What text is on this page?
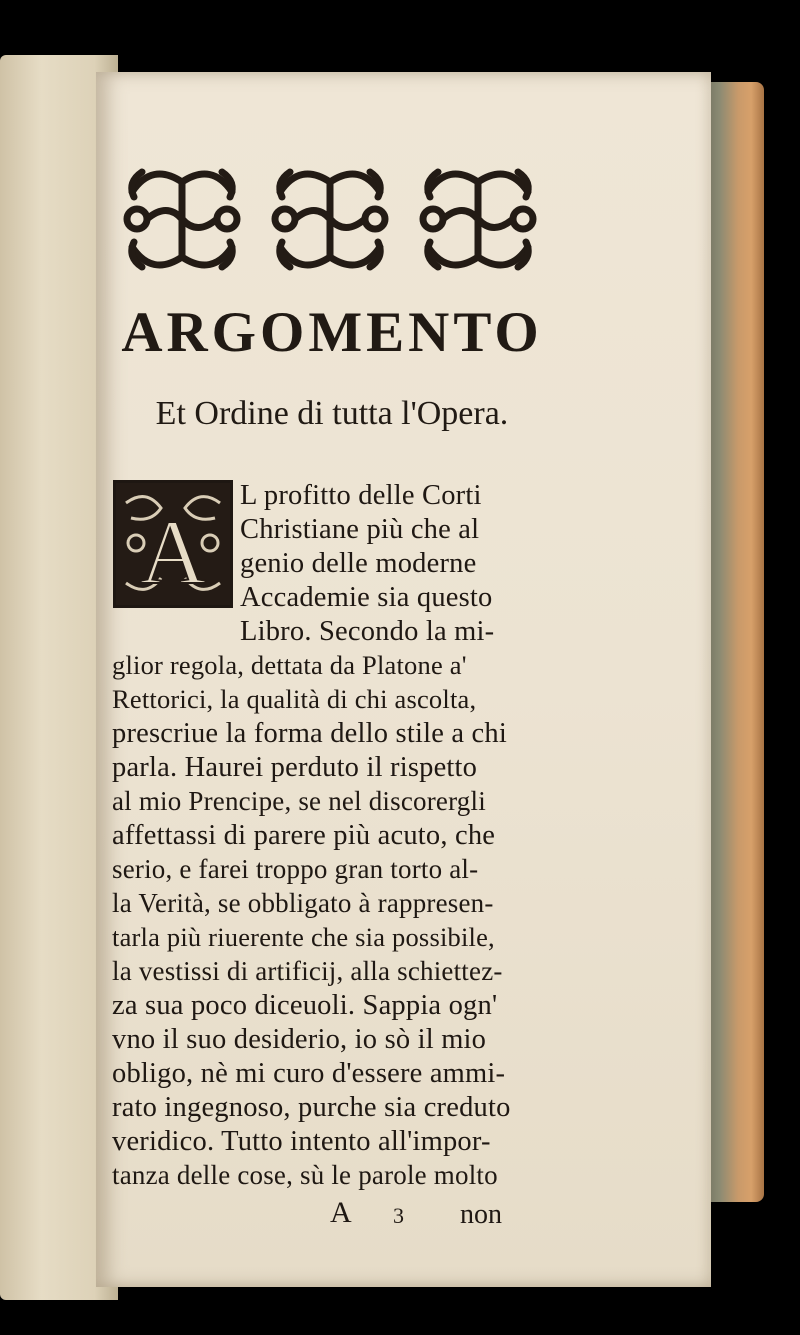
ARGOMENTO
Et Ordine di tutta l'Opera.
A
L profitto delle Corti
Christiane più che al
genio delle moderne
Accademie sia questo
Libro. Secondo la mi-
glior regola, dettata da Platone a'
Rettorici, la qualità di chi ascolta,
prescriue la forma dello stile a chi
parla. Haurei perduto il rispetto
al mio Prencipe, se nel discorergli
affettassi di parere più acuto, che
serio, e farei troppo gran torto al-
la Verità, se obbligato à rappresen-
tarla più riuerente che sia possibile,
la vestissi di artificij, alla schiettez-
za sua poco diceuoli. Sappia ogn'
vno il suo desiderio, io sò il mio
obligo, nè mi curo d'essere ammi-
rato ingegnoso, purche sia creduto
veridico. Tutto intento all'impor-
tanza delle cose, sù le parole molto
A 3 non
